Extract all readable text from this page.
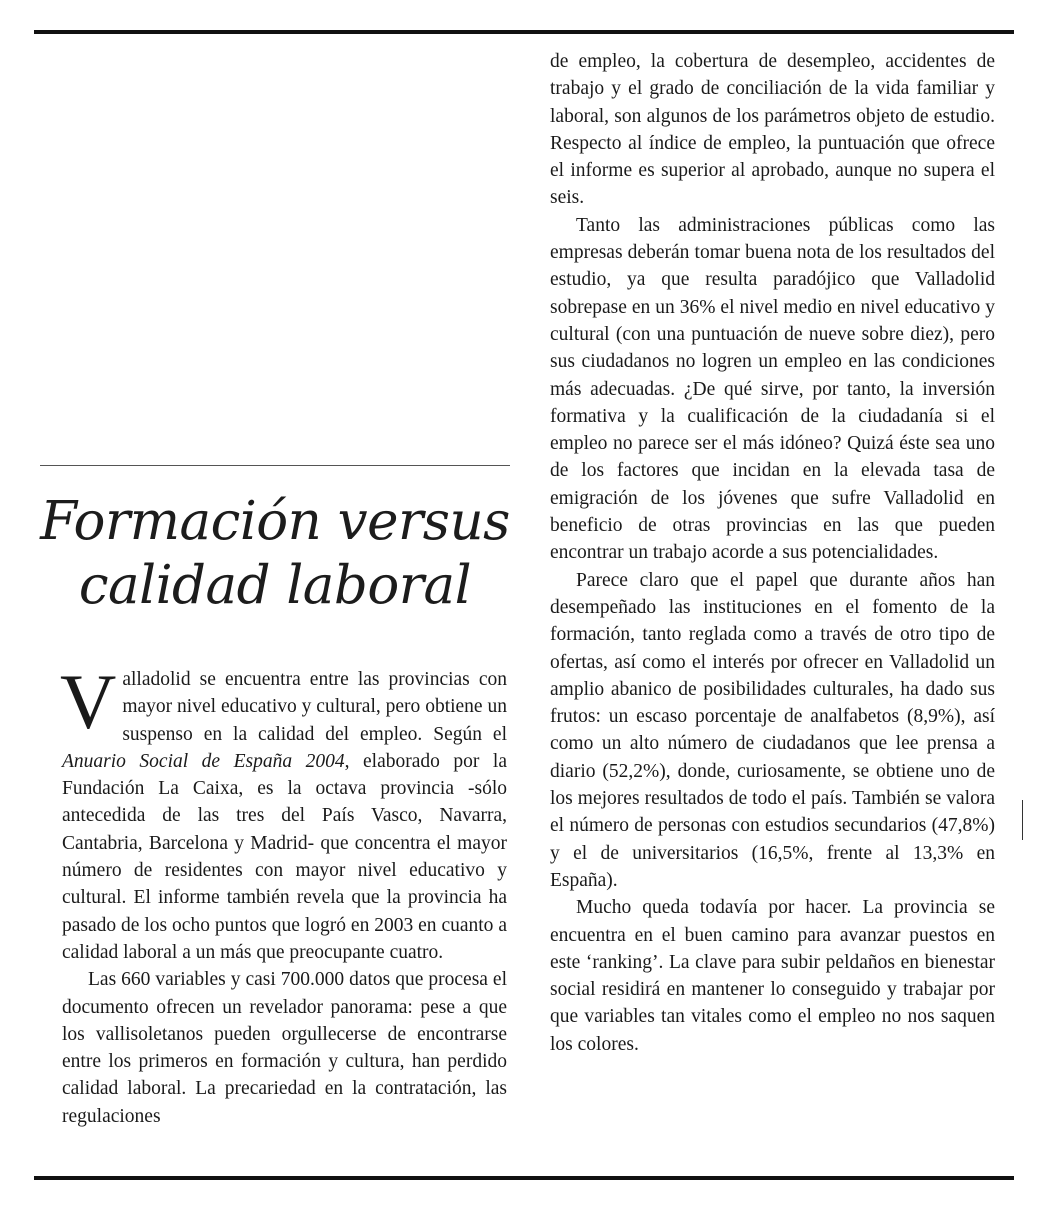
Formación versus
calidad laboral

Valladolid se encuentra entre las provincias con mayor nivel educativo y cultural, pero obtiene un suspenso en la calidad del empleo. Según el Anuario Social de España 2004, elaborado por la Fundación La Caixa, es la octava provincia -sólo antecedida de las tres del País Vasco, Navarra, Cantabria, Barcelona y Madrid- que concentra el mayor número de residentes con mayor nivel educativo y cultural. El informe también revela que la provincia ha pasado de los ocho puntos que logró en 2003 en cuanto a calidad laboral a un más que preocupante cuatro.

Las 660 variables y casi 700.000 datos que procesa el documento ofrecen un revelador panorama: pese a que los vallisoletanos pueden orgullecerse de encontrarse entre los primeros en formación y cultura, han perdido calidad laboral. La precariedad en la contratación, las regulaciones

de empleo, la cobertura de desempleo, accidentes de trabajo y el grado de conciliación de la vida familiar y laboral, son algunos de los parámetros objeto de estudio. Respecto al índice de empleo, la puntuación que ofrece el informe es superior al aprobado, aunque no supera el seis.

Tanto las administraciones públicas como las empresas deberán tomar buena nota de los resultados del estudio, ya que resulta paradójico que Valladolid sobrepase en un 36% el nivel medio en nivel educativo y cultural (con una puntuación de nueve sobre diez), pero sus ciudadanos no logren un empleo en las condiciones más adecuadas. ¿De qué sirve, por tanto, la inversión formativa y la cualificación de la ciudadanía si el empleo no parece ser el más idóneo? Quizá éste sea uno de los factores que incidan en la elevada tasa de emigración de los jóvenes que sufre Valladolid en beneficio de otras provincias en las que pueden encontrar un trabajo acorde a sus potencialidades.

Parece claro que el papel que durante años han desempeñado las instituciones en el fomento de la formación, tanto reglada como a través de otro tipo de ofertas, así como el interés por ofrecer en Valladolid un amplio abanico de posibilidades culturales, ha dado sus frutos: un escaso porcentaje de analfabetos (8,9%), así como un alto número de ciudadanos que lee prensa a diario (52,2%), donde, curiosamente, se obtiene uno de los mejores resultados de todo el país. También se valora el número de personas con estudios secundarios (47,8%) y el de universitarios (16,5%, frente al 13,3% en España).

Mucho queda todavía por hacer. La provincia se encuentra en el buen camino para avanzar puestos en este ‘ranking’. La clave para subir peldaños en bienestar social residirá en mantener lo conseguido y trabajar por que variables tan vitales como el empleo no nos saquen los colores.
